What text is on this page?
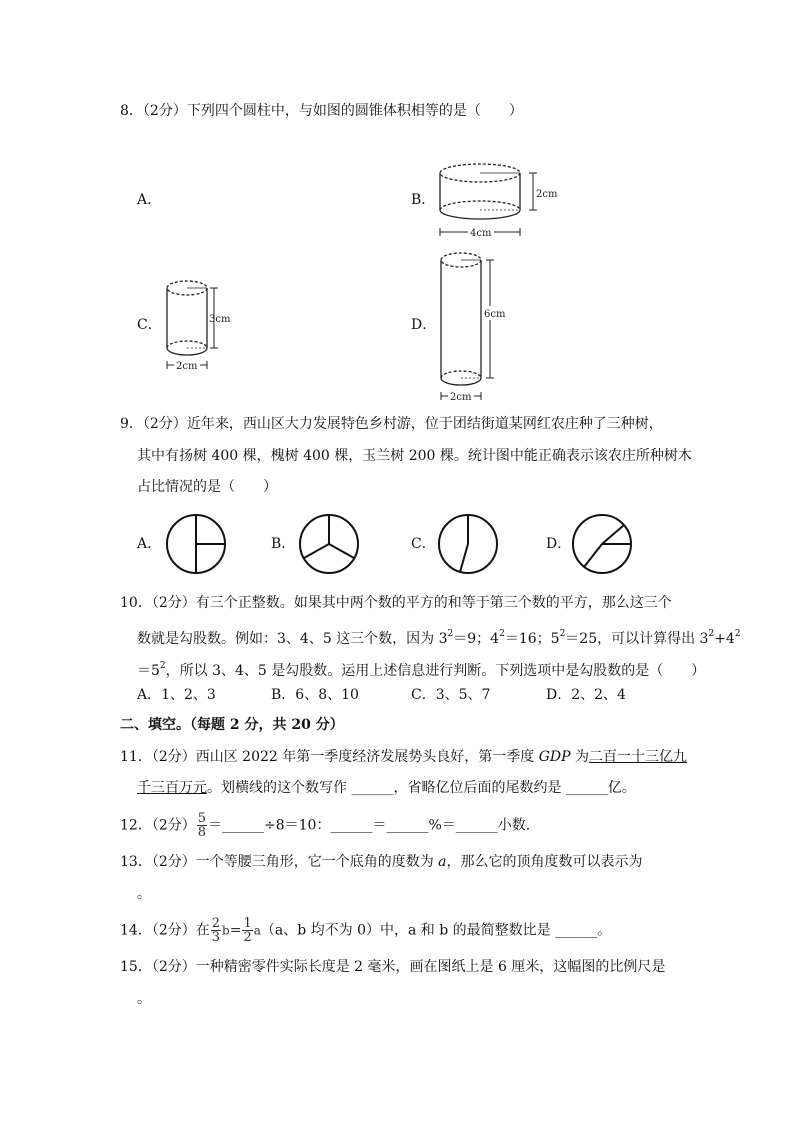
8．（2分）下列四个圆柱中，与如图的圆锥体积相等的是（　　）
A．	B．
C．	D．
2cm
4cm
3cm
2cm
6cm
2cm
9．（2分）近年来，西山区大力发展特色乡村游，位于团结街道某网红农庄种了三种树，
其中有扬树 400 棵，槐树 400 棵，玉兰树 200 棵。统计图中能正确表示该农庄所种树木
占比情况的是（　　）
A．	B．	C．	D．
10．（2分）有三个正整数。如果其中两个数的平方的和等于第三个数的平方，那么这三个
数就是勾股数。例如：3、4、5 这三个数，因为 $3^2=9$；$4^2=16$；$5^2=25$，可以计算得出 $3^2+4^2$
$=5^2$，所以 3、4、5 是勾股数。运用上述信息进行判断。下列选项中是勾股数的是（　　）
A．1、2、3	B．6、8、10	C．3、5、7	D．2、2、4
二、填空。（每题 2 分，共 20 分）
11．（2分）西山区 2022 年第一季度经济发展势头良好，第一季度 GDP 为二百一十三亿九
千三百万元。划横线的这个数写作 ______，省略亿位后面的尾数约是 ______亿。
12．（2分） $\frac{5}{8}$ ＝______÷8＝10：______＝______%＝______小数.
13．（2分）一个等腰三角形，它一个底角的度数为 a，那么它的顶角度数可以表示为
。
14．（2分）在 $\frac{2}{3} b= \frac{1}{2} a(a$、b 均不为 0）中，a 和 b 的最简整数比是 ______。
15．（2分）一种精密零件实际长度是 2 毫米，画在图纸上是 6 厘米，这幅图的比例尺是
。
